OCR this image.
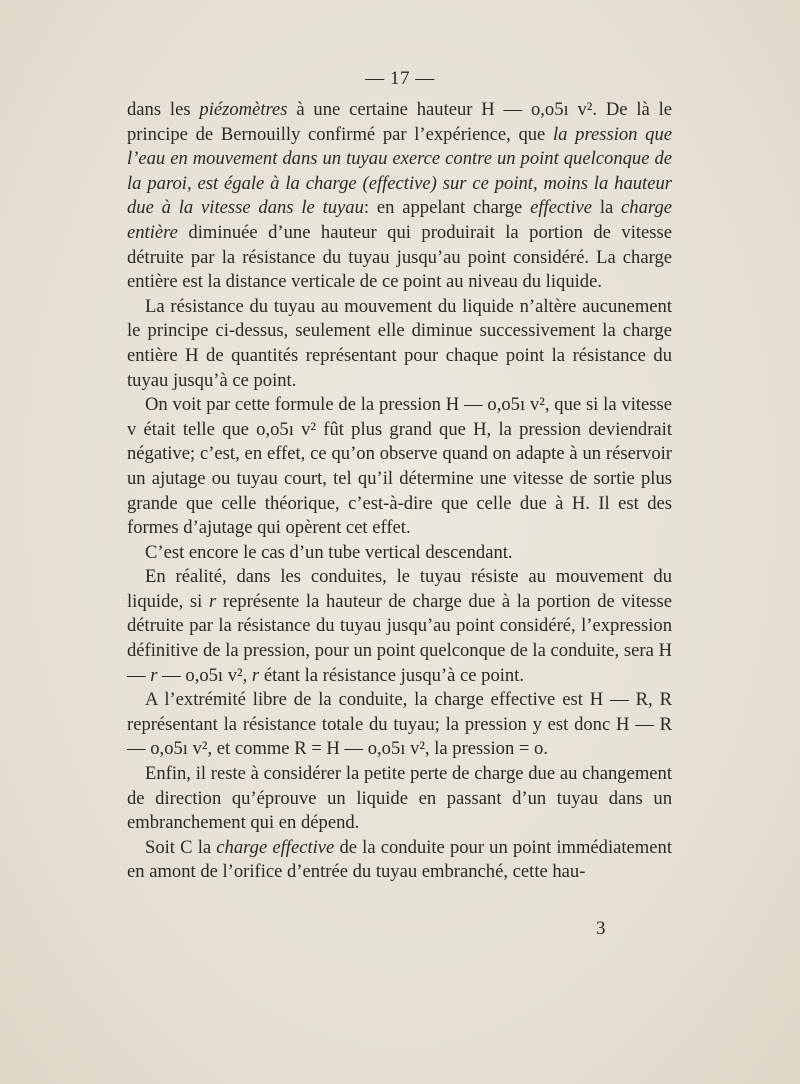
— 17 —

dans les piézomètres à une certaine hauteur H — o,o5ı v². De là le principe de Bernouilly confirmé par l’expérience, que la pression que l’eau en mouvement dans un tuyau exerce contre un point quelconque de la paroi, est égale à la charge (effective) sur ce point, moins la hauteur due à la vitesse dans le tuyau: en appelant charge effective la charge entière diminuée d’une hauteur qui produirait la portion de vitesse détruite par la résistance du tuyau jusqu’au point considéré. La charge entière est la distance verticale de ce point au niveau du liquide.

La résistance du tuyau au mouvement du liquide n’altère aucunement le principe ci-dessus, seulement elle diminue successivement la charge entière H de quantités représentant pour chaque point la résistance du tuyau jusqu’à ce point.

On voit par cette formule de la pression H — o,o5ı v², que si la vitesse v était telle que o,o5ı v² fût plus grand que H, la pression deviendrait négative; c’est, en effet, ce qu’on observe quand on adapte à un réservoir un ajutage ou tuyau court, tel qu’il détermine une vitesse de sortie plus grande que celle théorique, c’est-à-dire que celle due à H. Il est des formes d’ajutage qui opèrent cet effet.

C’est encore le cas d’un tube vertical descendant.

En réalité, dans les conduites, le tuyau résiste au mouvement du liquide, si r représente la hauteur de charge due à la portion de vitesse détruite par la résistance du tuyau jusqu’au point considéré, l’expression définitive de la pression, pour un point quelconque de la conduite, sera H — r — o,o5ı v², r étant la résistance jusqu’à ce point.

A l’extrémité libre de la conduite, la charge effective est H — R, R représentant la résistance totale du tuyau; la pression y est donc H — R — o,o5ı v², et comme R = H — o,o5ı v², la pression = o.

Enfin, il reste à considérer la petite perte de charge due au changement de direction qu’éprouve un liquide en passant d’un tuyau dans un embranchement qui en dépend.

Soit C la charge effective de la conduite pour un point immédiatement en amont de l’orifice d’entrée du tuyau embranché, cette hau-

3
